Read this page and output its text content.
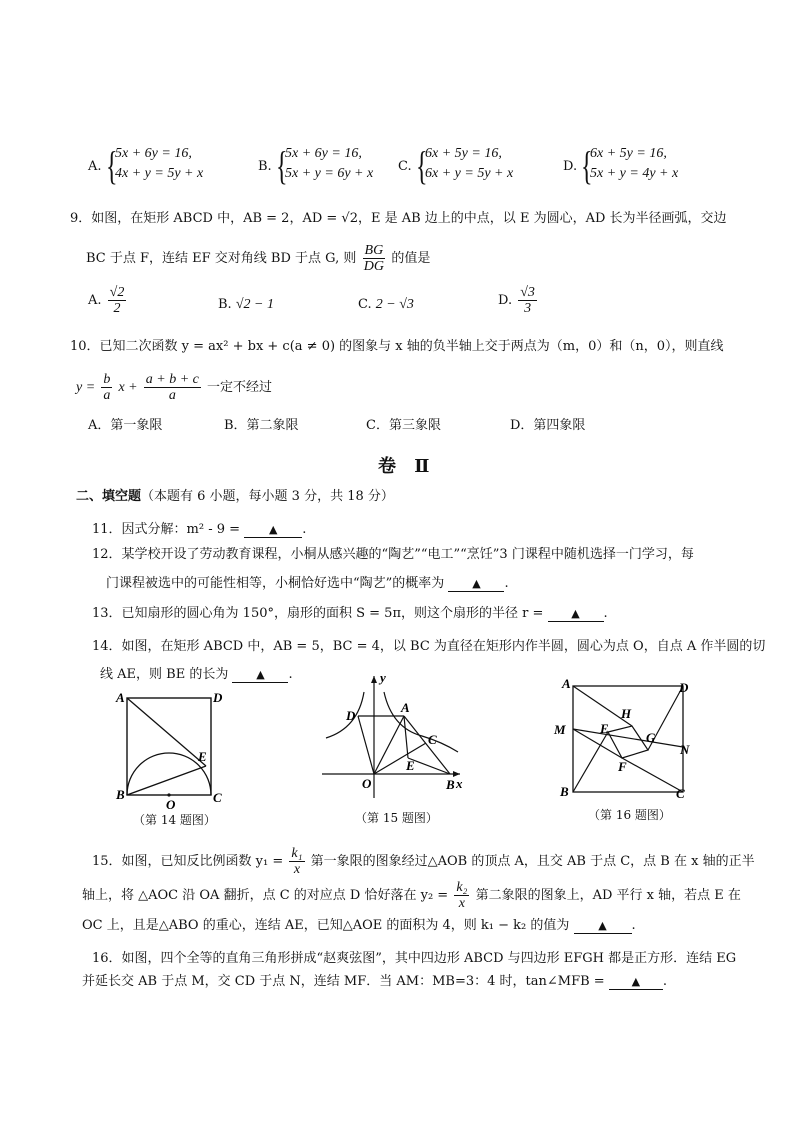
A. {
5x + 6y = 16,
4x + y = 5y + x	B. {
5x + 6y = 16,
5x + y = 6y + x C. {
6x + 5y = 16,
6x + y = 5y + x	D. {
6x + 5y = 16,
5x + y = 4y + x
9．如图，在矩形 ABCD 中，AB = 2，AD = √2，E 是 AB 边上的中点，以 E 为圆心，AD 长为半径画弧，交边
BC 于点 F，连结 EF 交对角线 BD 于点 G, 则 $\frac{BG}{DG}$ 的值是
A. $\frac{√2}{2}$	B. √2 − 1	C. 2 − √3	D. $\frac{√3}{3}$
10．已知二次函数 y = ax² + bx + c(a ≠ 0) 的图象与 x 轴的负半轴上交于两点为（m，0）和（n，0），则直线
$y = \frac{b}{a}$ $x + \frac{a + b + c}{a}$ 一定不经过
A．第一象限	B．第二象限	C．第三象限	D．第四象限
卷 Ⅱ
二、填空题（本题有 6 小题，每小题 3 分，共 18 分）
11．因式分解：m² - 9 =	▲ .
12．某学校开设了劳动教育课程，小桐从感兴趣的“陶艺”“电工”“烹饪”3 门课程中随机选择一门学习，每
门课程被选中的可能性相等，小桐恰好选中“陶艺”的概率为	▲ .
13．已知扇形的圆心角为 150°，扇形的面积 S = 5π，则这个扇形的半径 r =	▲ .
14．如图，在矩形 ABCD 中，AB = 5，BC = 4，以 BC 为直径在矩形内作半圆，圆心为点 O，自点 A 作半圆的切
线 AE，则 BE 的长为	▲ .
A	D
E
B
O	C
（第 14 题图）
y
D
A
C
E
O	B x
（第 15 题图）
A	D
H
E
M
G
N
F
B	C
（第 16 题图）
15．如图，已知反比例函数 $y_1 = \frac{\text{k₁}}{x}$ 第一象限的图象经过△AOB 的顶点 A，且交 AB 于点 C，点 B 在 x 轴的正半
轴上，将 △AOC 沿 OA 翻折，点 C 的对应点 D 恰好落在 $y_2 = \frac{\text{k₂}}{x}$ 第二象限的图象上，AD 平行 x 轴，若点 E 在
OC 上，且是△ABO 的重心，连结 AE，已知△AOE 的面积为 4，则 k₁ − k₂ 的值为	▲ .
16．如图，四个全等的直角三角形拼成“赵爽弦图”，其中四边形 ABCD 与四边形 EFGH 都是正方形．连结 EG
并延长交 AB 于点 M，交 CD 于点 N，连结 MF．当 AM：MB=3：4 时，tan∠MFB = ▲ .
